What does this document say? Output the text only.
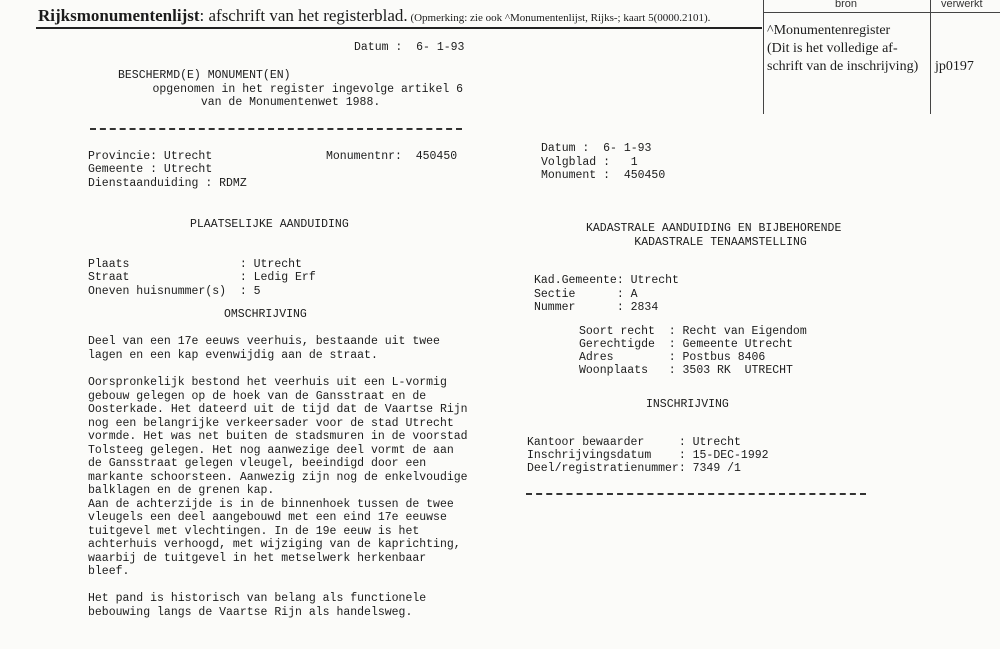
Rijksmonumentenlijst: afschrift van het registerblad. (Opmerking: zie ook ^Monumentenlijst, Rijks-; kaart 5(0000.2101).
bron	verwerkt
^Monumentenregister
(Dit is het volledige af-
schrift van de inschrijving) jp0197
Datum :  6- 1-93
BESCHERMD(E) MONUMENT(EN)
opgenomen in het register ingevolge artikel 6
van de Monumentenwet 1988.
Provincie: Utrecht	Monumentnr:  450450
Gemeente : Utrecht
Dienstaanduiding : RDMZ
PLAATSELIJKE AANDUIDING
Plaats                : Utrecht
Straat                : Ledig Erf
Oneven huisnummer(s)  : 5
OMSCHRIJVING
Deel van een 17e eeuws veerhuis, bestaande uit twee
lagen en een kap evenwijdig aan de straat.
Oorspronkelijk bestond het veerhuis uit een L-vormig
gebouw gelegen op de hoek van de Gansstraat en de
Oosterkade. Het dateerd uit de tijd dat de Vaartse Rijn
nog een belangrijke verkeersader voor de stad Utrecht
vormde. Het was net buiten de stadsmuren in de voorstad
Tolsteeg gelegen. Het nog aanwezige deel vormt de aan
de Gansstraat gelegen vleugel, beeindigd door een
markante schoorsteen. Aanwezig zijn nog de enkelvoudige
balklagen en de grenen kap.
Aan de achterzijde is in de binnenhoek tussen de twee
vleugels een deel aangebouwd met een eind 17e eeuwse
tuitgevel met vlechtingen. In de 19e eeuw is het
achterhuis verhoogd, met wijziging van de kaprichting,
waarbij de tuitgevel in het metselwerk herkenbaar
bleef.
Het pand is historisch van belang als functionele
bebouwing langs de Vaartse Rijn als handelsweg.
Datum :  6- 1-93
Volgblad :   1
Monument :  450450
KADASTRALE AANDUIDING EN BIJBEHORENDE
KADASTRALE TENAAMSTELLING
Kad.Gemeente: Utrecht
Sectie      : A
Nummer      : 2834
Soort recht  : Recht van Eigendom
Gerechtigde  : Gemeente Utrecht
Adres        : Postbus 8406
Woonplaats   : 3503 RK  UTRECHT
INSCHRIJVING
Kantoor bewaarder     : Utrecht
Inschrijvingsdatum    : 15-DEC-1992
Deel/registratienummer: 7349 /1
